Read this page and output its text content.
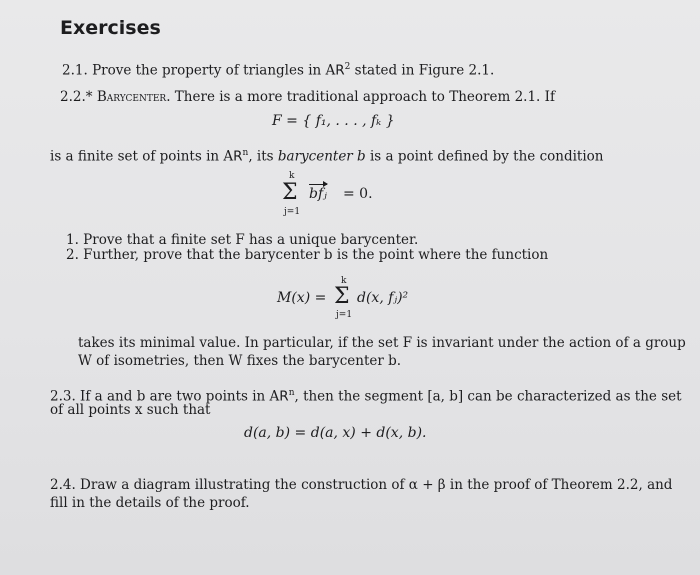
Exercises
2.1. Prove the property of triangles in $AR^2$ stated in Figure 2.1.
2.2.* Barycenter. There is a more traditional approach to Theorem 2.1. If
F = { f₁, . . . , fₖ }
is a finite set of points in $AR^n$, its barycenter b is a point defined by the condition
k
Σ
j=1
bfⱼ = 0.
1. Prove that a finite set F has a unique barycenter.
2. Further, prove that the barycenter b is the point where the function
M(x) =
k
Σ
j=1
d(x, fⱼ)²
takes its minimal value. In particular, if the set F is invariant under the action of a group
W of isometries, then W fixes the barycenter b.
2.3. If a and b are two points in $AR^n$, then the segment [a, b] can be characterized as the set
of all points x such that
d(a, b) = d(a, x) + d(x, b).
2.4. Draw a diagram illustrating the construction of α + β in the proof of Theorem 2.2, and
fill in the details of the proof.
